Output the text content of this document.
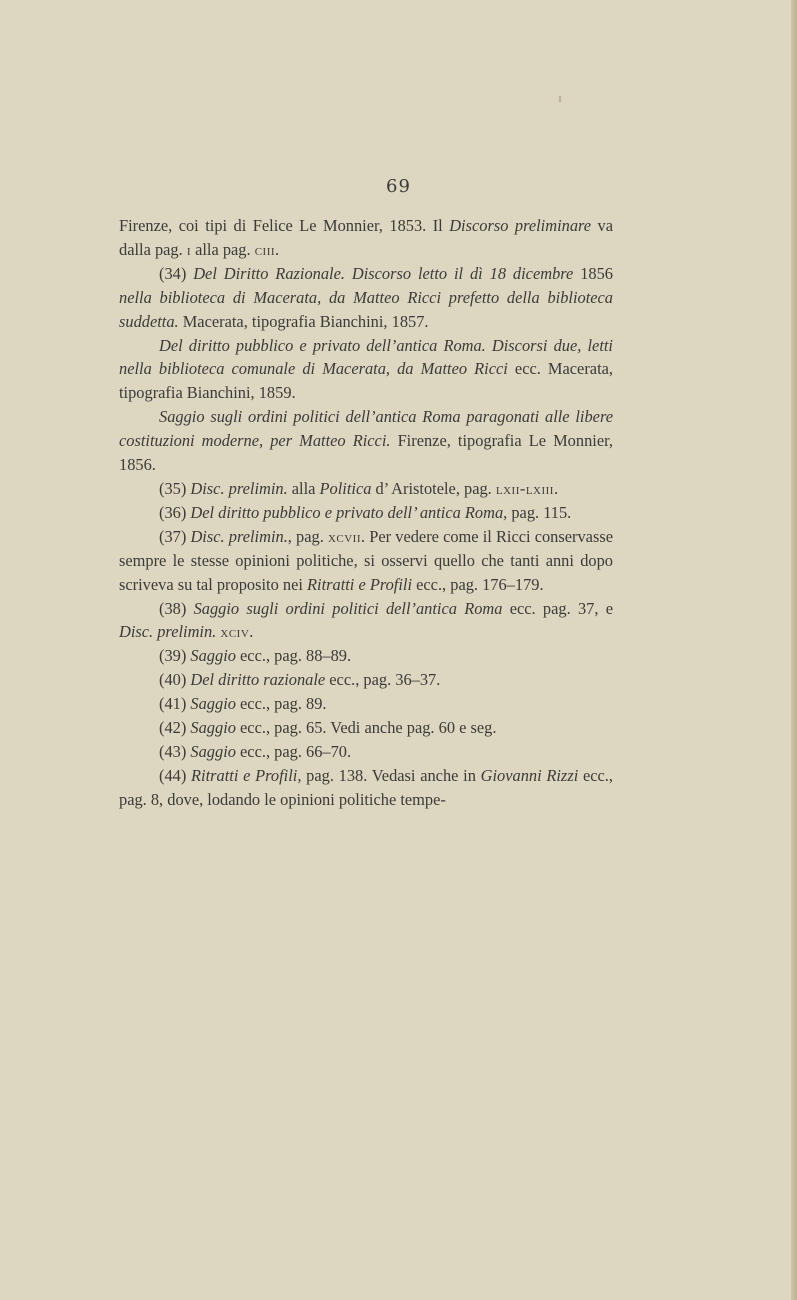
69

Firenze, coi tipi di Felice Le Monnier, 1853. Il Discorso preliminare va dalla pag. i alla pag. ciii.

(34) Del Diritto Razionale. Discorso letto il dì 18 dicembre 1856 nella biblioteca di Macerata, da Matteo Ricci prefetto della biblioteca suddetta. Macerata, tipografia Bianchini, 1857.

Del diritto pubblico e privato dell’antica Roma. Discorsi due, letti nella biblioteca comunale di Macerata, da Matteo Ricci ecc. Macerata, tipografia Bianchini, 1859.

Saggio sugli ordini politici dell’antica Roma paragonati alle libere costituzioni moderne, per Matteo Ricci. Firenze, tipografia Le Monnier, 1856.

(35) Disc. prelimin. alla Politica d’ Aristotele, pag. lxii-lxiii.

(36) Del diritto pubblico e privato dell’ antica Roma, pag. 115.

(37) Disc. prelimin., pag. xcvii. Per vedere come il Ricci conservasse sempre le stesse opinioni politiche, si osservi quello che tanti anni dopo scriveva su tal proposito nei Ritratti e Profili ecc., pag. 176–179.

(38) Saggio sugli ordini politici dell’antica Roma ecc. pag. 37, e Disc. prelimin. xciv.

(39) Saggio ecc., pag. 88–89.

(40) Del diritto razionale ecc., pag. 36–37.

(41) Saggio ecc., pag. 89.

(42) Saggio ecc., pag. 65. Vedi anche pag. 60 e seg.

(43) Saggio ecc., pag. 66–70.

(44) Ritratti e Profili, pag. 138. Vedasi anche in Giovanni Rizzi ecc., pag. 8, dove, lodando le opinioni politiche tempe-
